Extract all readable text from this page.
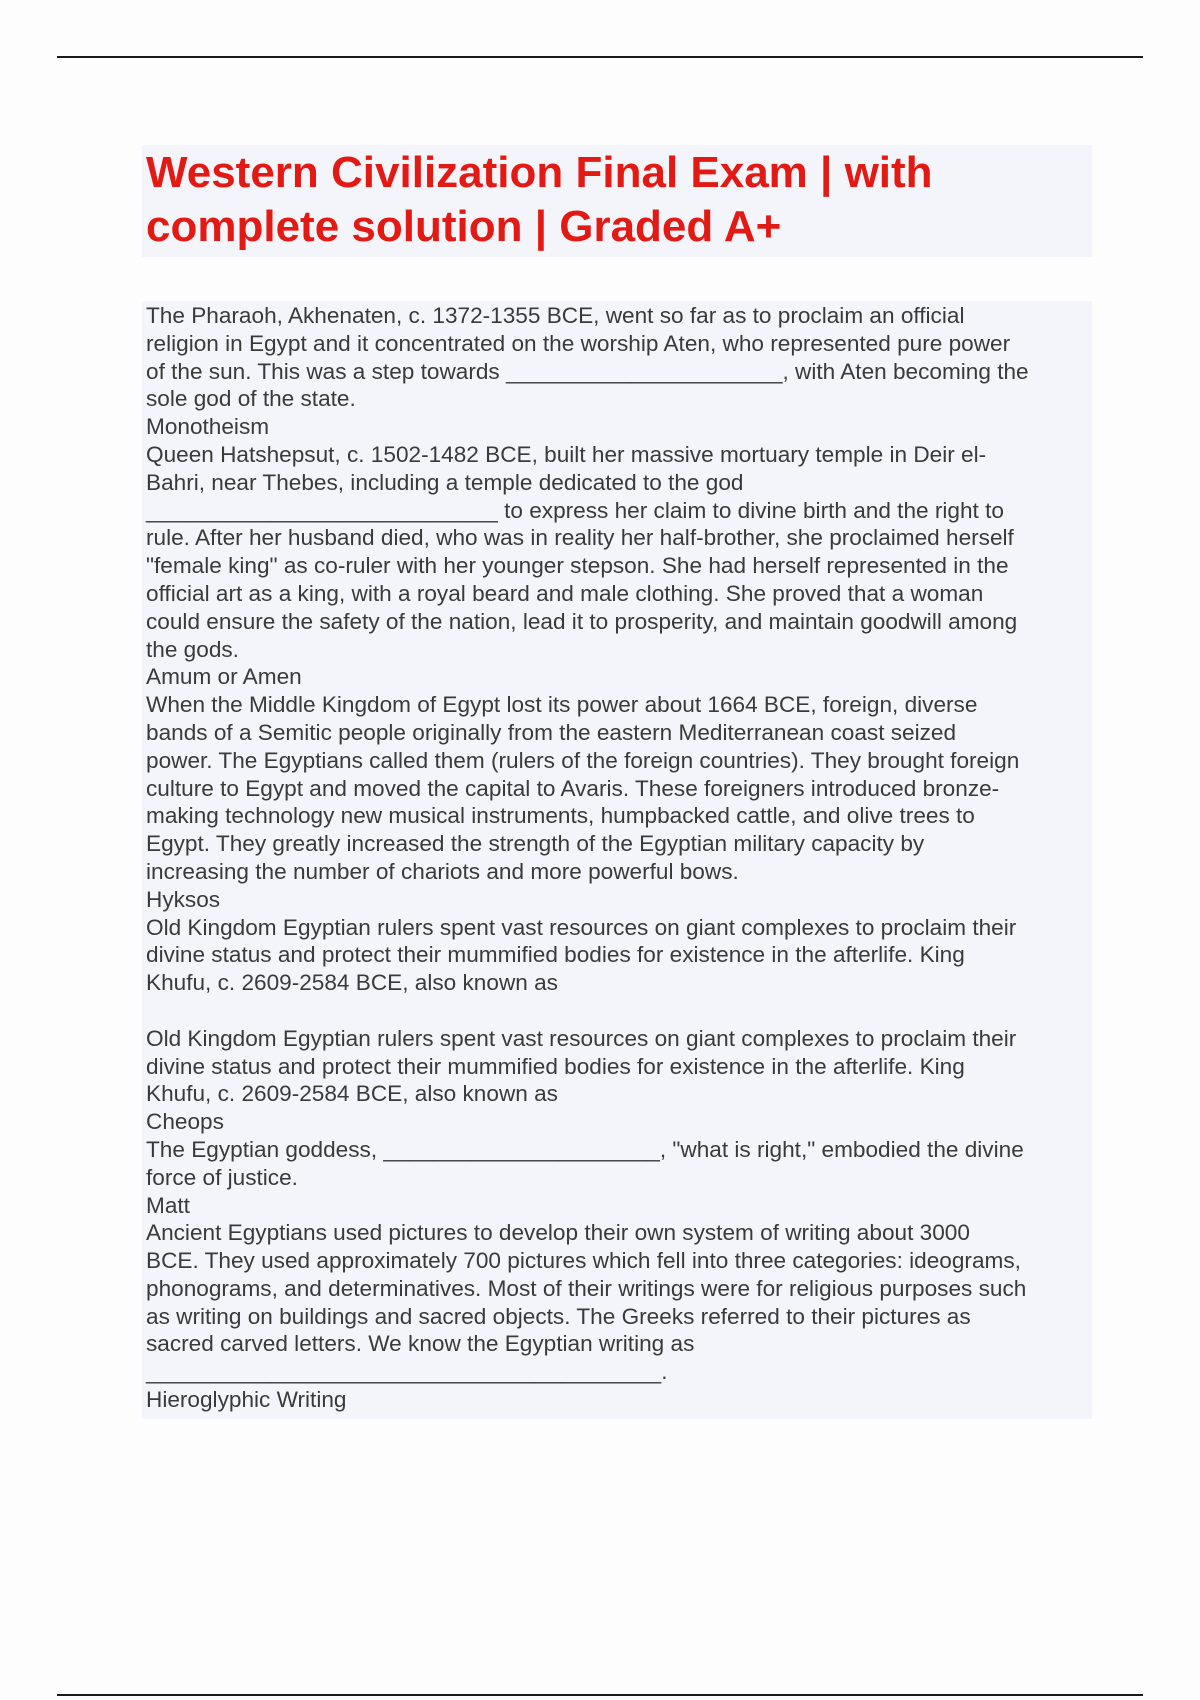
Western Civilization Final Exam | with
complete solution | Graded A+
The Pharaoh, Akhenaten, c. 1372-1355 BCE, went so far as to proclaim an official
religion in Egypt and it concentrated on the worship Aten, who represented pure power
of the sun. This was a step towards ______________________, with Aten becoming the
sole god of the state.
Monotheism
Queen Hatshepsut, c. 1502-1482 BCE, built her massive mortuary temple in Deir el-
Bahri, near Thebes, including a temple dedicated to the god
____________________________ to express her claim to divine birth and the right to
rule. After her husband died, who was in reality her half-brother, she proclaimed herself
"female king" as co-ruler with her younger stepson. She had herself represented in the
official art as a king, with a royal beard and male clothing. She proved that a woman
could ensure the safety of the nation, lead it to prosperity, and maintain goodwill among
the gods.
Amum or Amen
When the Middle Kingdom of Egypt lost its power about 1664 BCE, foreign, diverse
bands of a Semitic people originally from the eastern Mediterranean coast seized
power. The Egyptians called them (rulers of the foreign countries). They brought foreign
culture to Egypt and moved the capital to Avaris. These foreigners introduced bronze-
making technology new musical instruments, humpbacked cattle, and olive trees to
Egypt. They greatly increased the strength of the Egyptian military capacity by
increasing the number of chariots and more powerful bows.
Hyksos
Old Kingdom Egyptian rulers spent vast resources on giant complexes to proclaim their
divine status and protect their mummified bodies for existence in the afterlife. King
Khufu, c. 2609-2584 BCE, also known as
Old Kingdom Egyptian rulers spent vast resources on giant complexes to proclaim their
divine status and protect their mummified bodies for existence in the afterlife. King
Khufu, c. 2609-2584 BCE, also known as
Cheops
The Egyptian goddess, ______________________, "what is right," embodied the divine
force of justice.
Matt
Ancient Egyptians used pictures to develop their own system of writing about 3000
BCE. They used approximately 700 pictures which fell into three categories: ideograms,
phonograms, and determinatives. Most of their writings were for religious purposes such
as writing on buildings and sacred objects. The Greeks referred to their pictures as
sacred carved letters. We know the Egyptian writing as
_________________________________________.
Hieroglyphic Writing
